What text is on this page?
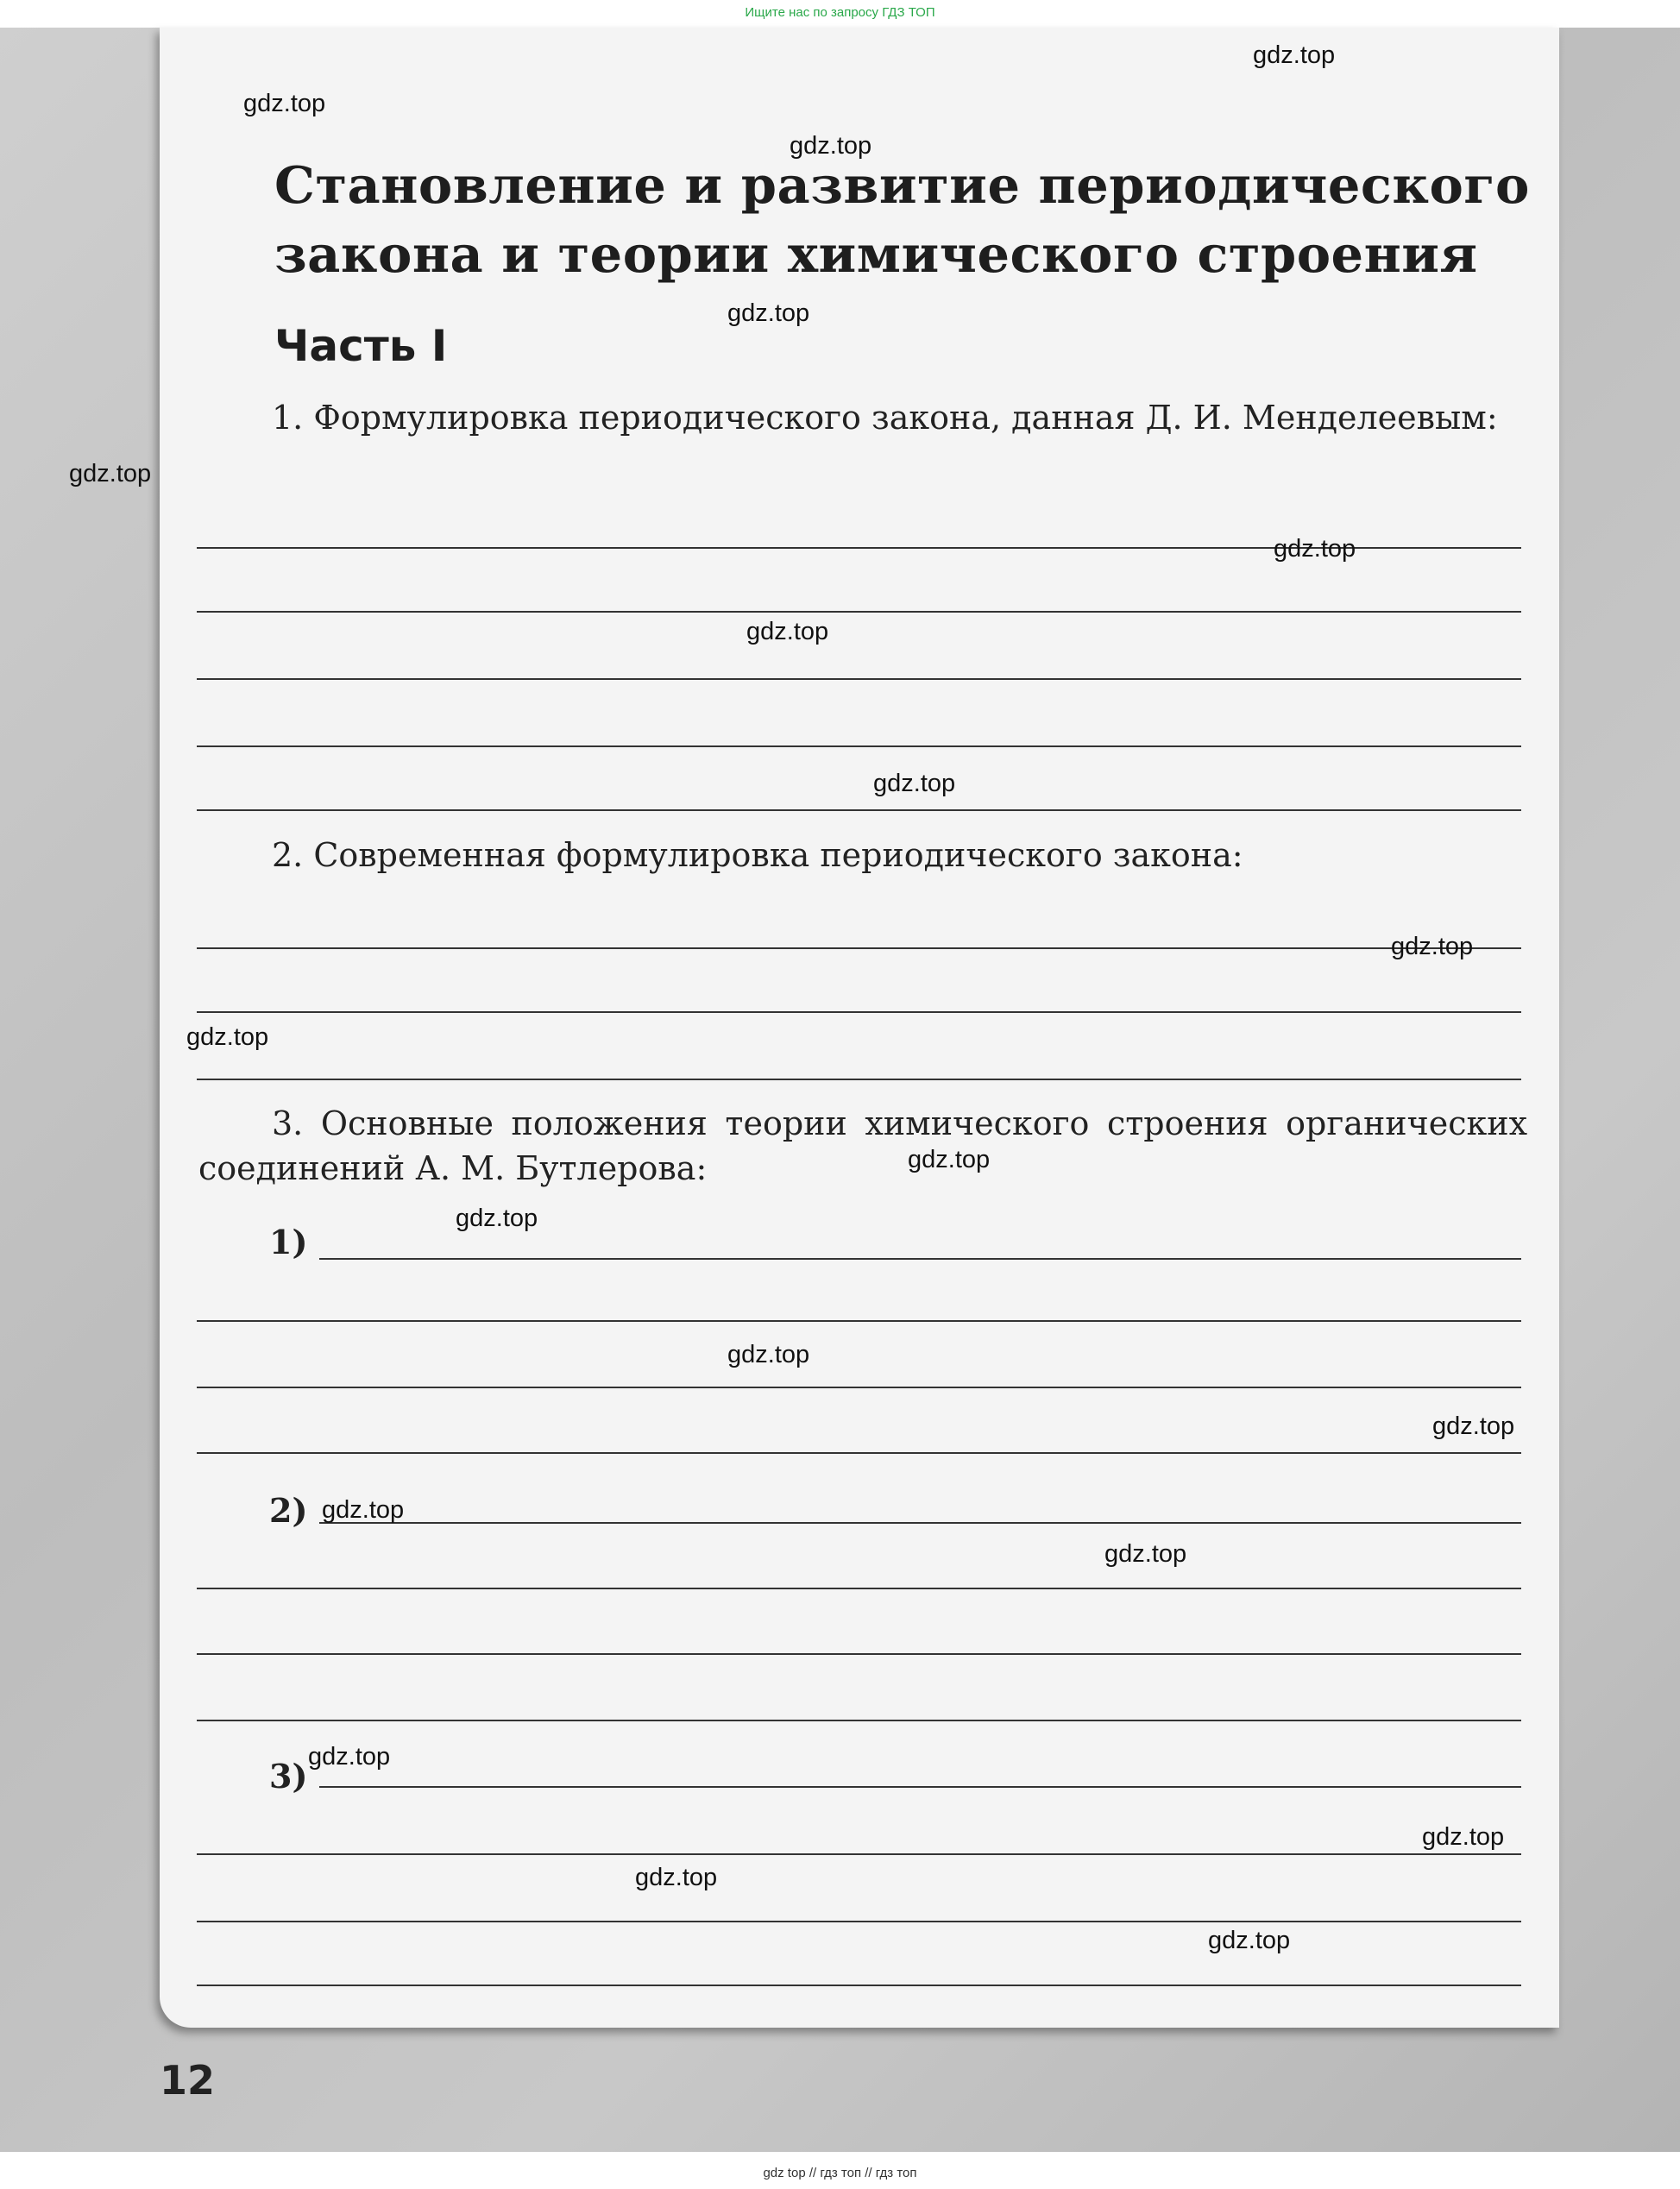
Ищите нас по запросу ГДЗ ТОП
Становление и развитие периодического закона и теории химического строения
Часть I
1. Формулировка периодического закона, данная Д. И. Менделеевым:
2. Современная формулировка периодического закона:
3. Основные положения теории химического строения органических соединений А. М. Бутлерова:
1)
2)
3)
12
gdz.top
gdz.top
gdz.top
gdz.top
gdz.top
gdz.top
gdz.top
gdz.top
gdz.top
gdz.top
gdz.top
gdz.top
gdz.top
gdz.top
gdz.top
gdz.top
gdz.top
gdz.top
gdz.top
gdz.top
gdz top // гдз топ // гдз топ
